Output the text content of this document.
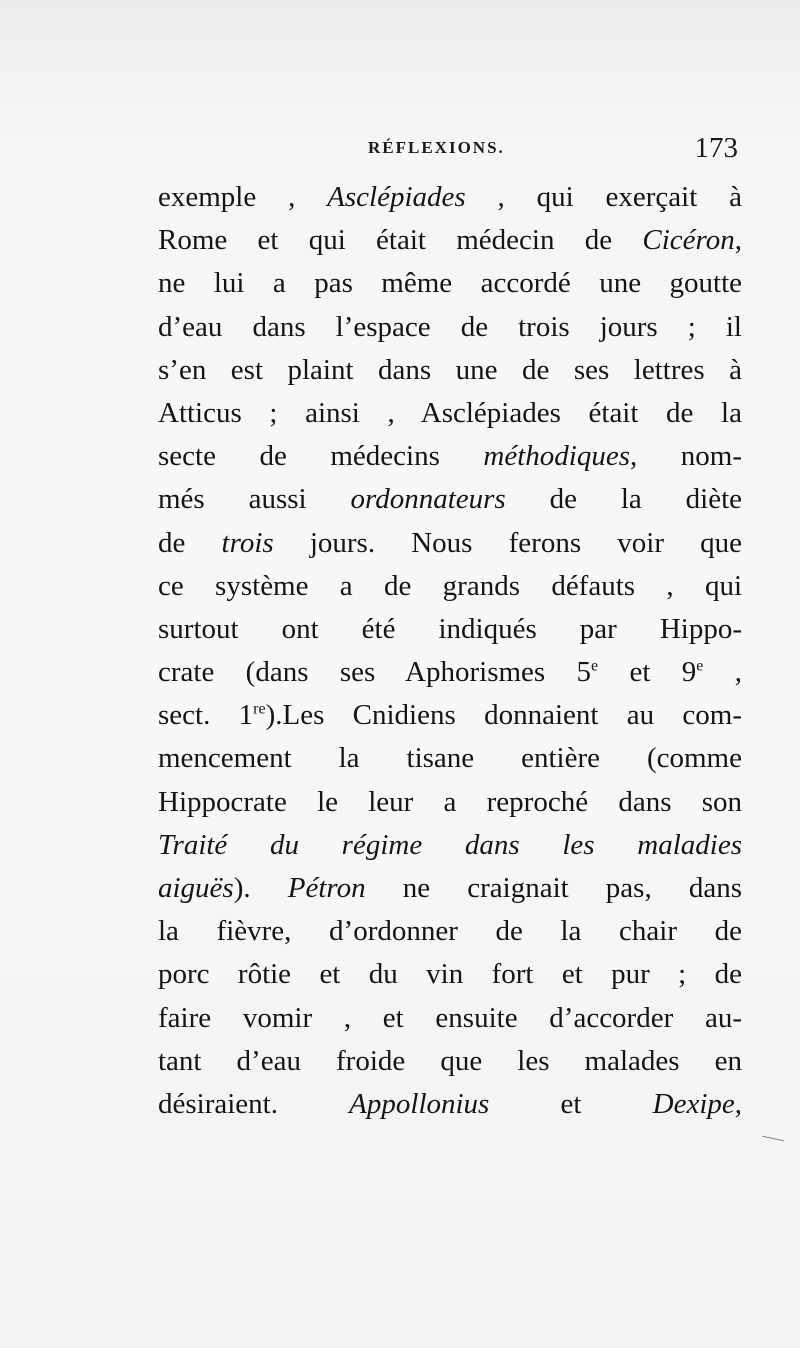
RÉFLEXIONS.	173
exemple , Asclépiades , qui exerçait à
Rome et qui était médecin de Cicéron,
ne lui a pas même accordé une goutte
d’eau dans l’espace de trois jours ; il
s’en est plaint dans une de ses lettres à
Atticus ; ainsi , Asclépiades était de la
secte de médecins méthodiques, nom-
més aussi ordonnateurs de la diète
de trois jours. Nous ferons voir que
ce système a de grands défauts , qui
surtout ont été indiqués par Hippo-
crate (dans ses Aphorismes 5e et 9e ,
sect. 1re).Les Cnidiens donnaient au com-
mencement la tisane entière (comme
Hippocrate le leur a reproché dans son
Traité du régime dans les maladies
aiguës). Pétron ne craignait pas, dans
la fièvre, d’ordonner de la chair de
porc rôtie et du vin fort et pur ; de
faire vomir , et ensuite d’accorder au-
tant d’eau froide que les malades en
désiraient. Appollonius et Dexipe,
